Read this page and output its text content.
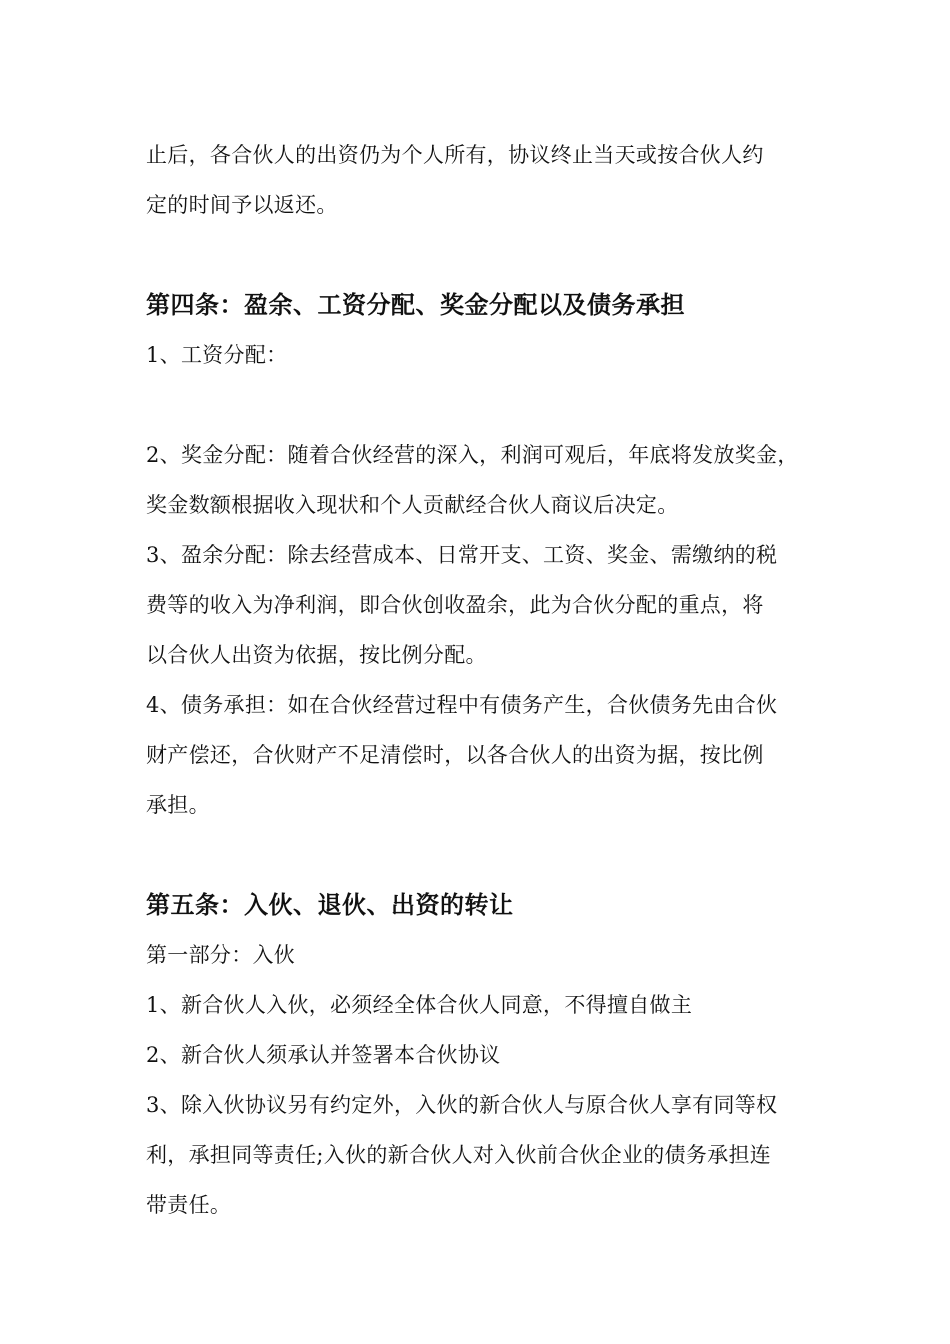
止后，各合伙人的出资仍为个人所有，协议终止当天或按合伙人约
定的时间予以返还。
第四条：盈余、工资分配、奖金分配以及债务承担
1、工资分配：
2、奖金分配：随着合伙经营的深入，利润可观后，年底将发放奖金，
奖金数额根据收入现状和个人贡献经合伙人商议后决定。
3、盈余分配：除去经营成本、日常开支、工资、奖金、需缴纳的税
费等的收入为净利润，即合伙创收盈余，此为合伙分配的重点，将
以合伙人出资为依据，按比例分配。
4、债务承担：如在合伙经营过程中有债务产生，合伙债务先由合伙
财产偿还，合伙财产不足清偿时，以各合伙人的出资为据，按比例
承担。
第五条：入伙、退伙、出资的转让
第一部分：入伙
1、新合伙人入伙，必须经全体合伙人同意，不得擅自做主
2、新合伙人须承认并签署本合伙协议
3、除入伙协议另有约定外，入伙的新合伙人与原合伙人享有同等权
利，承担同等责任;入伙的新合伙人对入伙前合伙企业的债务承担连
带责任。
